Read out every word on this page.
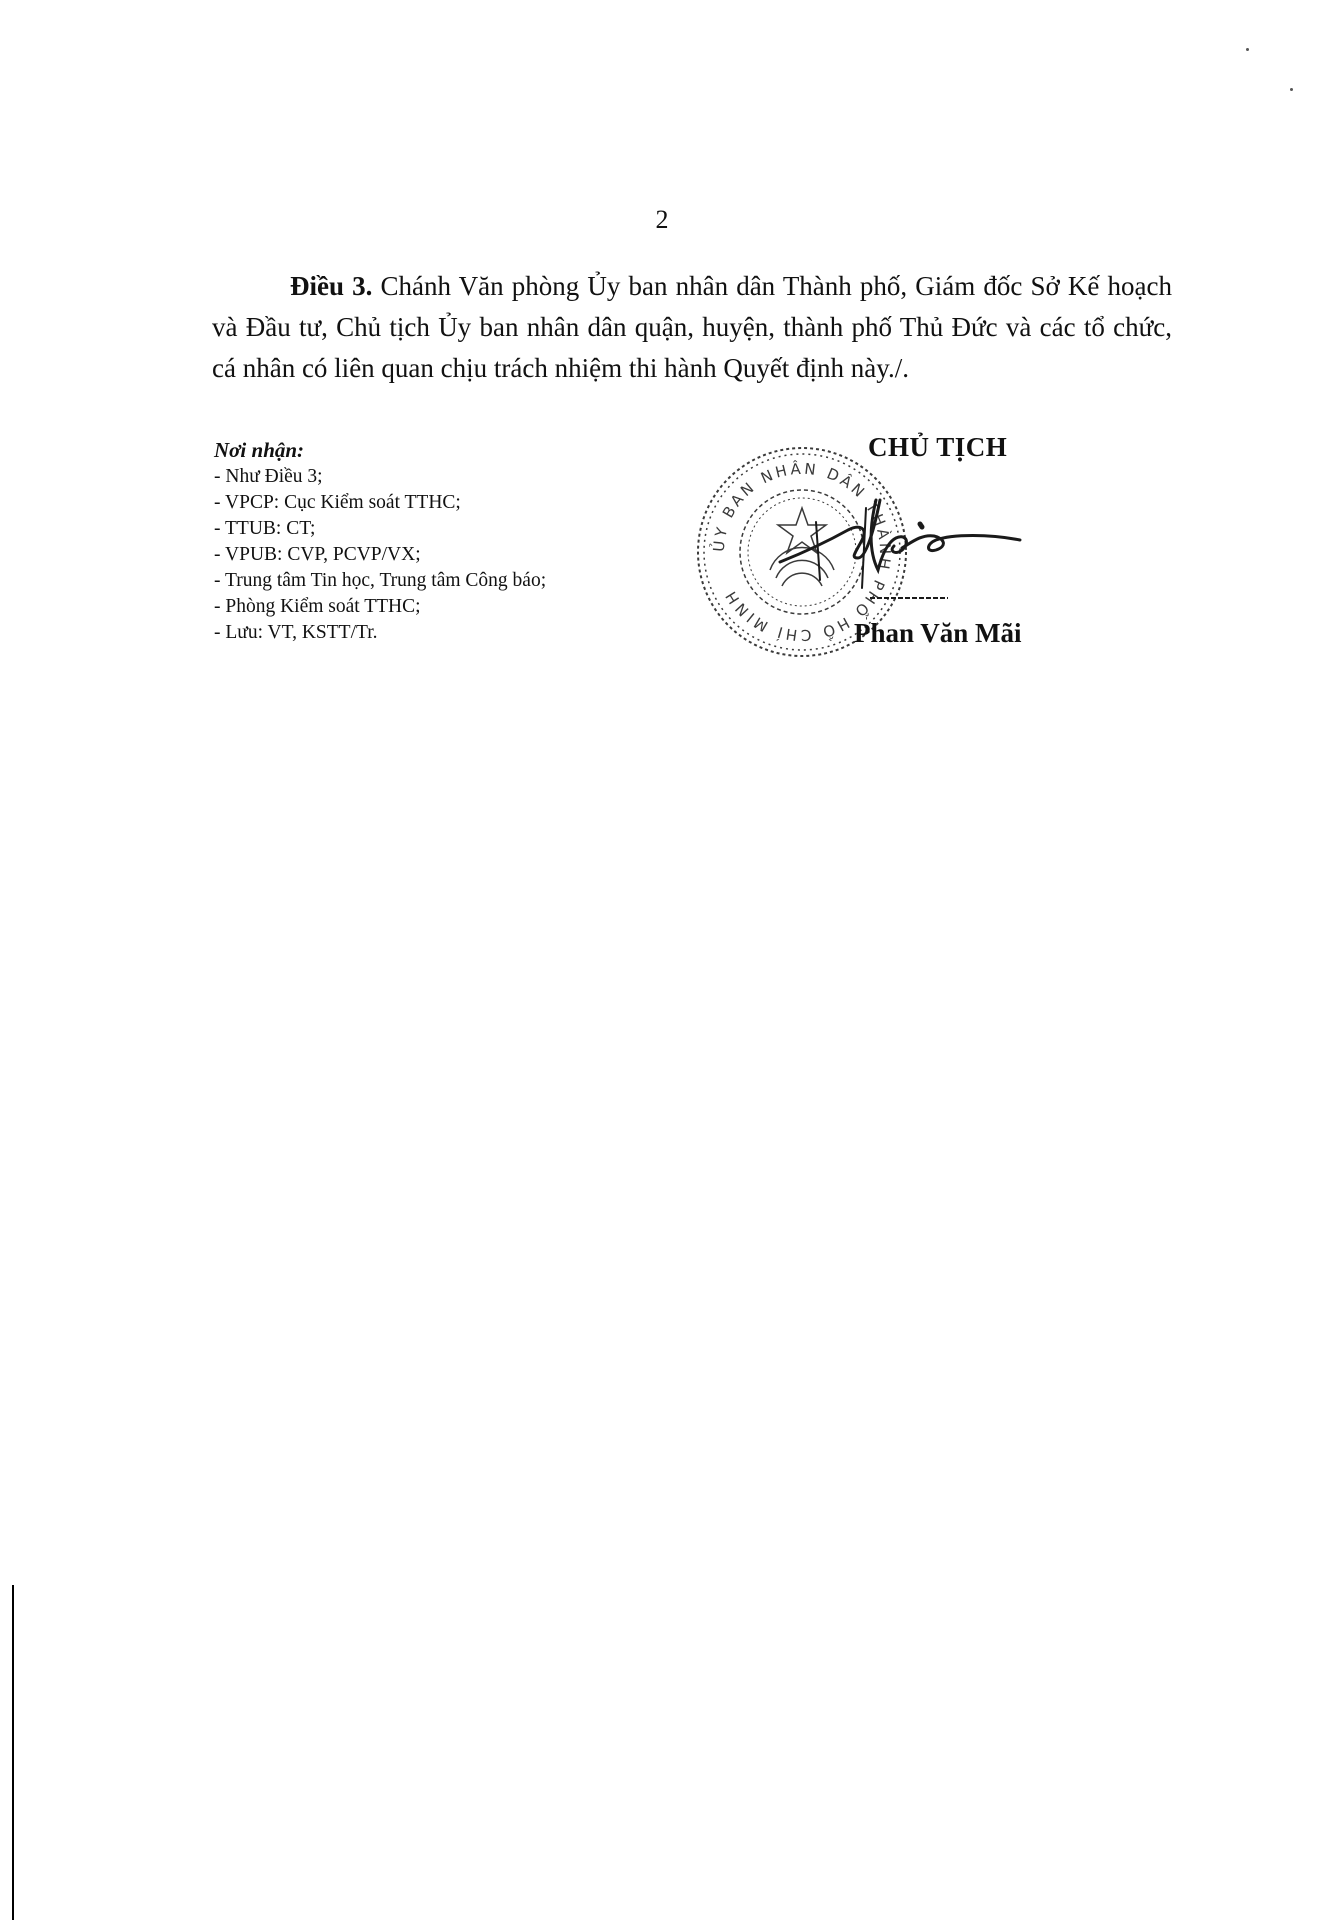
2
Điều 3. Chánh Văn phòng Ủy ban nhân dân Thành phố, Giám đốc Sở Kế hoạch và Đầu tư, Chủ tịch Ủy ban nhân dân quận, huyện, thành phố Thủ Đức và các tổ chức, cá nhân có liên quan chịu trách nhiệm thi hành Quyết định này./.
Nơi nhận:
- Như Điều 3;
- VPCP: Cục Kiểm soát TTHC;
- TTUB: CT;
- VPUB: CVP, PCVP/VX;
- Trung tâm Tin học, Trung tâm Công báo;
- Phòng Kiểm soát TTHC;
- Lưu: VT, KSTT/Tr.
ỦY BAN NHÂN DÂN THÀNH PHỐ HỒ CHÍ MINH
CHỦ TỊCH
Phan Văn Mãi
